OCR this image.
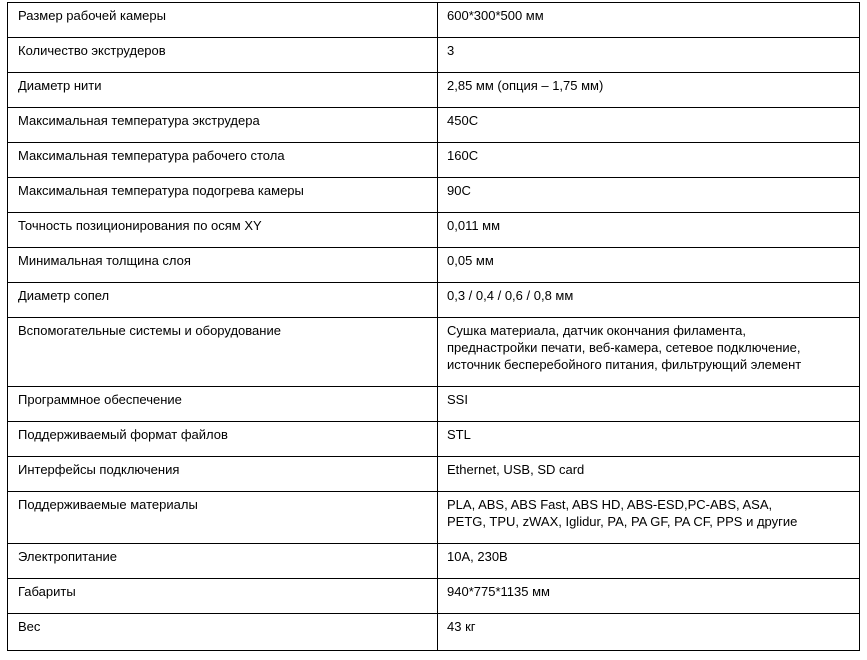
Размер рабочей камеры	600*300*500 мм

Количество экструдеров	3

Диаметр нити	2,85 мм (опция – 1,75 мм)

Максимальная температура экструдера	450С

Максимальная температура рабочего стола	160С

Максимальная температура подогрева камеры	90С

Точность позиционирования по осям XY	0,011 мм

Минимальная толщина слоя	0,05 мм

Диаметр сопел	0,3 / 0,4 / 0,6 / 0,8 мм

Вспомогательные системы и оборудование	Сушка материала, датчик окончания филамента,
преднастройки печати, веб-камера, сетевое подключение,
источник бесперебойного питания, фильтрующий элемент

Программное обеспечение	SSI

Поддерживаемый формат файлов	STL

Интерфейсы подключения	Ethernet, USB, SD card

Поддерживаемые материалы	PLA, ABS, ABS Fast, ABS HD, ABS-ESD,PC-ABS, ASA,
PETG, TPU, zWAX, Iglidur, PA, PA GF, PA CF, PPS и другие

Электропитание	10А, 230В

Габариты	940*775*1135 мм

Вес	43 кг
